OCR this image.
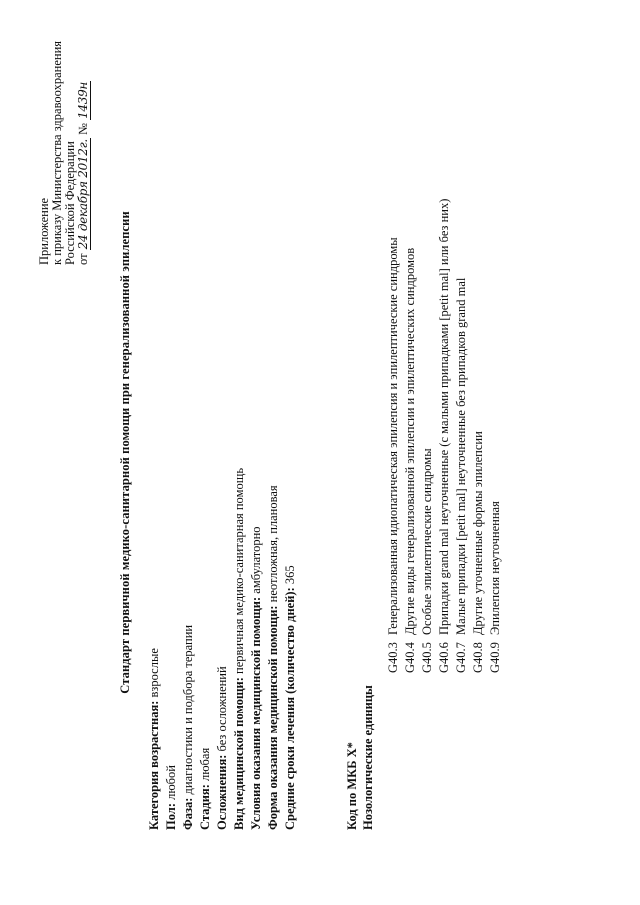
Приложение к приказу Министерства здравоохранения Российской Федерации от 24 декабря 2012г. № 1439н
Стандарт первичной медико-санитарной помощи при генерализованной эпилепсии
Категория возрастная: взрослые
Пол: любой
Фаза: диагностики и подбора терапии
Стадия: любая Осложнения: без осложнений Вид медицинской помощи: первичная медико-санитарная помощь
Условия оказания медицинской помощи: амбулаторно
Форма оказания медицинской помощи: неотложная, плановая
Средние сроки лечения (количество дней): 365
Код по МКБ X* Нозологические единицы
G40.3Генерализованная идиопатическая эпилепсия и эпилептические синдромы
G40.4Другие виды генерализованной эпилепсии и эпилептических синдромов
G40.5Особые эпилептические синдромы
G40.6Припадки grand mal неуточненные (с малыми припадками [petit mal] или без них)
G40.7Малые припадки [petit mal] неуточненные без припадков grand mal
G40.8Другие уточненные формы эпилепсии
G40.9Эпилепсия неуточненная
